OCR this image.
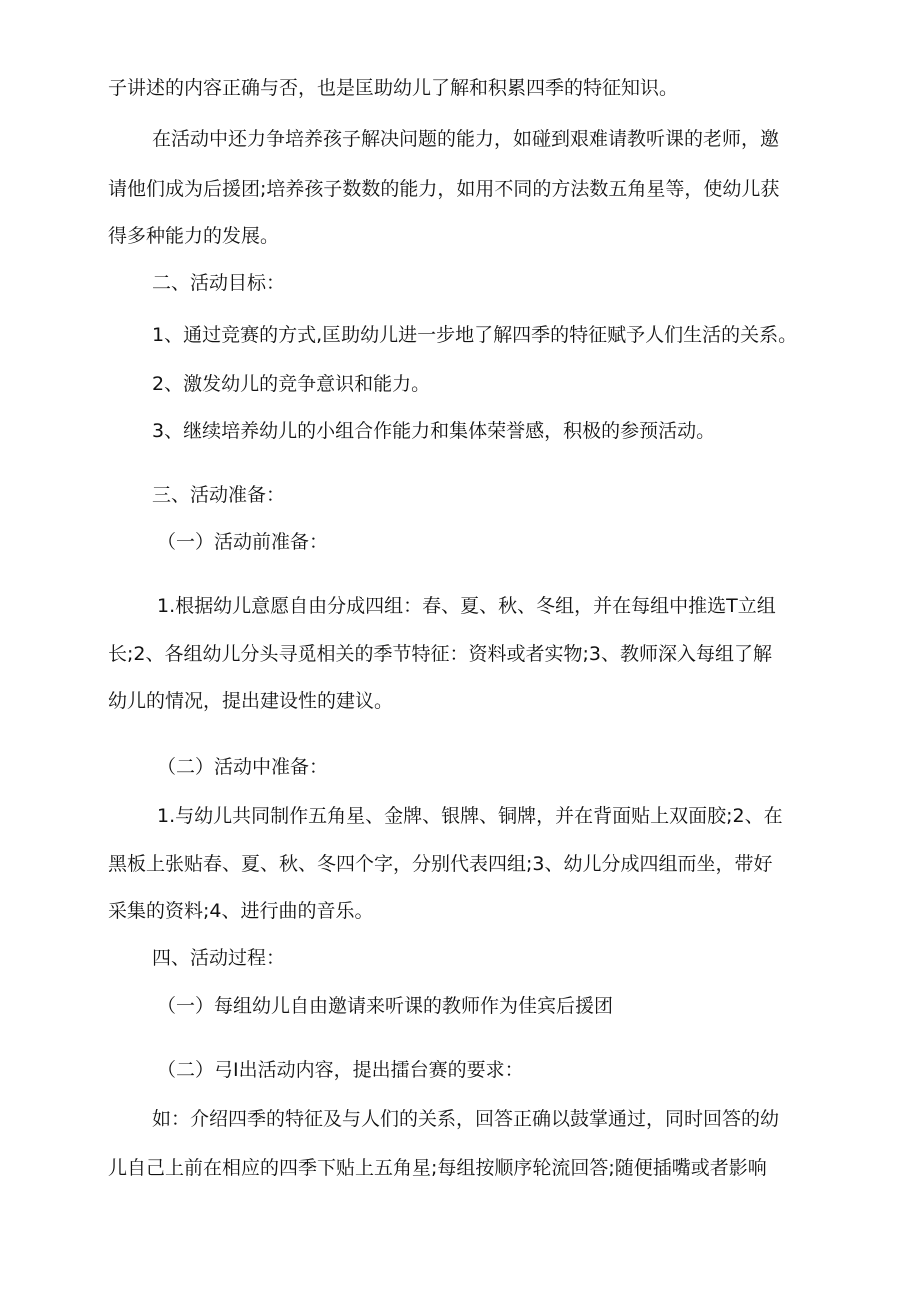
子讲述的内容正确与否，也是匡助幼儿了解和积累四季的特征知识。
在活动中还力争培养孩子解决问题的能力，如碰到艰难请教听课的老师，邀
请他们成为后援团;培养孩子数数的能力，如用不同的方法数五角星等，使幼儿获
得多种能力的发展。
二、活动目标：
1、通过竞赛的方式,匡助幼儿进一步地了解四季的特征赋予人们生活的关系。
2、激发幼儿的竞争意识和能力。
3、继续培养幼儿的小组合作能力和集体荣誉感，积极的参预活动。
三、活动准备：
（一）活动前准备：
1.根据幼儿意愿自由分成四组：春、夏、秋、冬组，并在每组中推选T立组
长;2、各组幼儿分头寻觅相关的季节特征：资料或者实物;3、教师深入每组了解
幼儿的情况，提出建设性的建议。
（二）活动中准备：
1.与幼儿共同制作五角星、金牌、银牌、铜牌，并在背面贴上双面胶;2、在
黑板上张贴春、夏、秋、冬四个字，分别代表四组;3、幼儿分成四组而坐，带好
采集的资料;4、进行曲的音乐。
四、活动过程：
（一）每组幼儿自由邀请来听课的教师作为佳宾后援团
（二）弓I出活动内容，提出擂台赛的要求：
如：介绍四季的特征及与人们的关系，回答正确以鼓掌通过，同时回答的幼
儿自己上前在相应的四季下贴上五角星;每组按顺序轮流回答;随便插嘴或者影响
